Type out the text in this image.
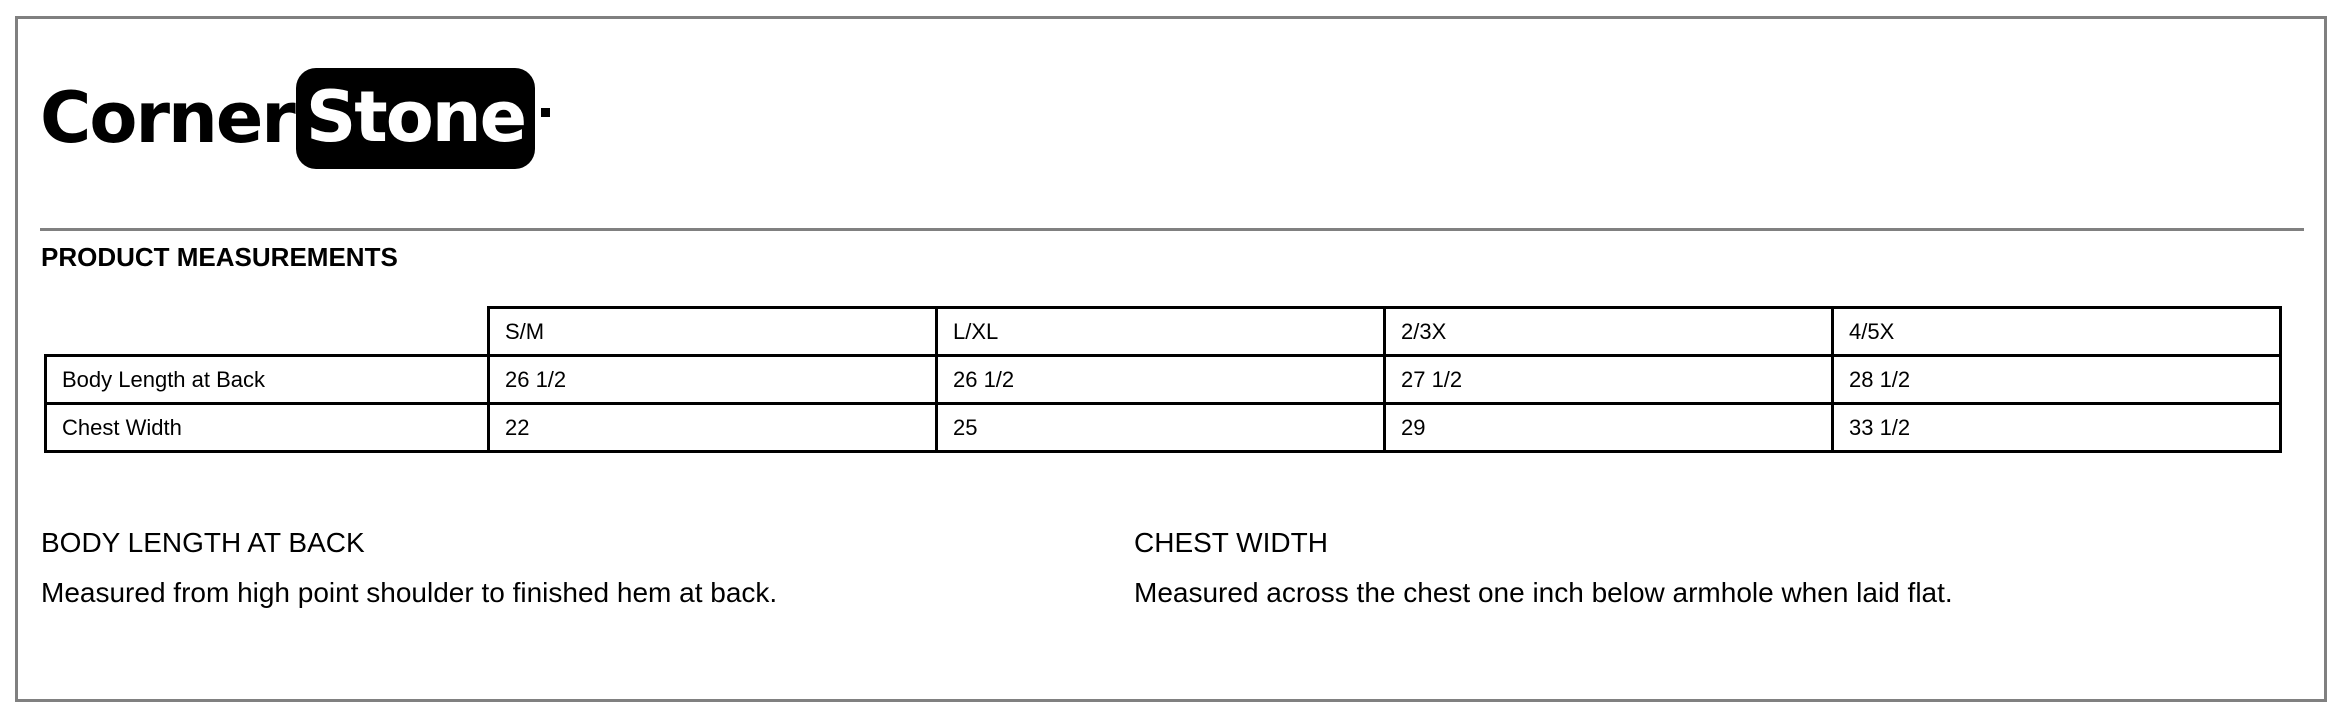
Corner Stone
PRODUCT MEASUREMENTS
	S/M	L/XL	2/3X	4/5X
Body Length at Back	26 1/2	26 1/2	27 1/2	28 1/2
Chest Width	22	25	29	33 1/2
BODY LENGTH AT BACK
Measured from high point shoulder to finished hem at back.
CHEST WIDTH
Measured across the chest one inch below armhole when laid flat.
